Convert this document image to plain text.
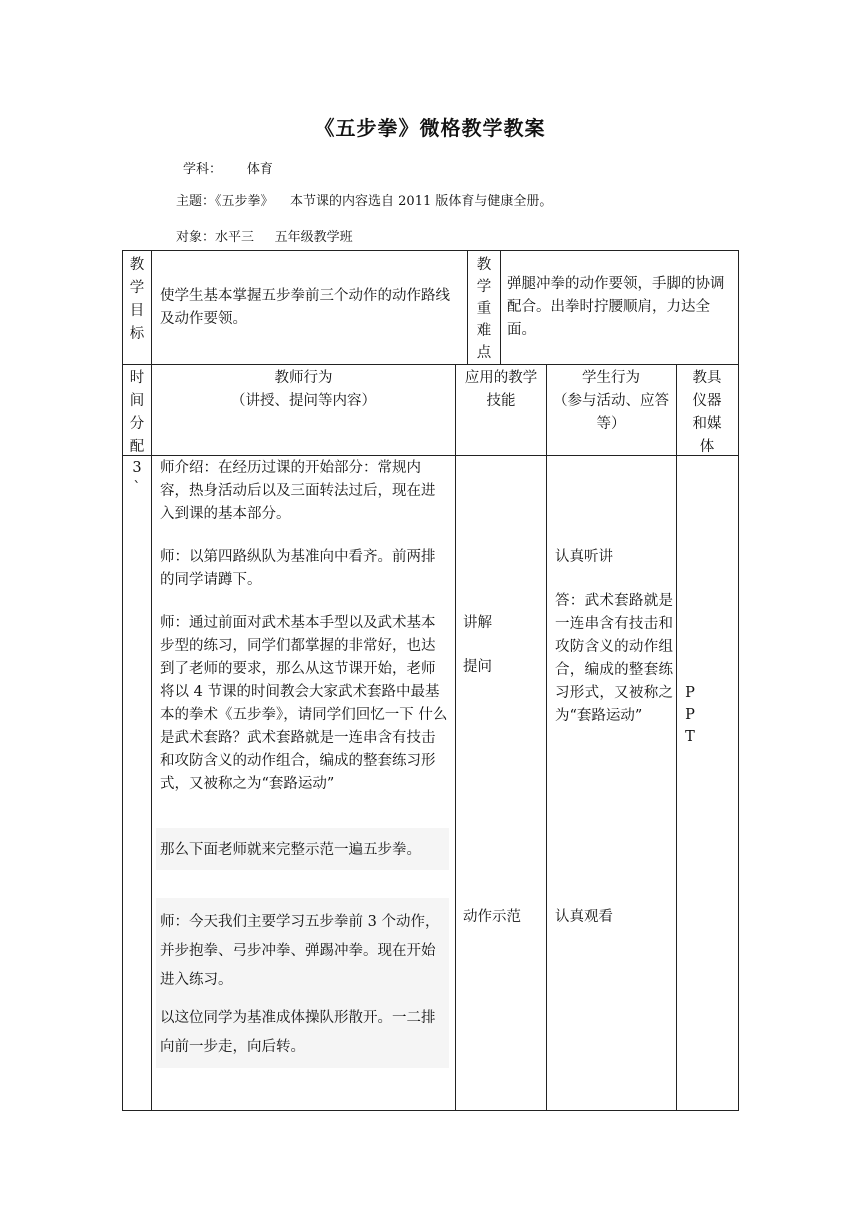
《五步拳》微格教学教案
学科： 体育
主题：《五步拳》    本节课的内容选自 2011 版体育与健康全册。
对象：水平三     五年级教学班
教学目标
使学生基本掌握五步拳前三个动作的动作路线及动作要领。
教学重难点
弹腿冲拳的动作要领，手脚的协调配合。出拳时拧腰顺肩，力达全面。
时间分配
教师行为
（讲授、提问等内容）
应用的教学技能
学生行为
（参与活动、应答等）
教具仪器和媒体
3`
师介绍：在经历过课的开始部分：常规内容，热身活动后以及三面转法过后，现在进入到课的基本部分。
师：以第四路纵队为基准向中看齐。前两排的同学请蹲下。
师：通过前面对武术基本手型以及武术基本步型的练习，同学们都掌握的非常好，也达到了老师的要求，那么从这节课开始，老师将以 4 节课的时间教会大家武术套路中最基本的拳术《五步拳》，请同学们回忆一下 什么是武术套路？武术套路就是一连串含有技击和攻防含义的动作组合，编成的整套练习形式，又被称之为“套路运动”
那么下面老师就来完整示范一遍五步拳。
师：今天我们主要学习五步拳前 3 个动作，并步抱拳、弓步冲拳、弹踢冲拳。现在开始进入练习。
以这位同学为基准成体操队形散开。一二排向前一步走，向后转。
讲解
提问
动作示范
认真听讲
答：武术套路就是一连串含有技击和攻防含义的动作组合，编成的整套练习形式，又被称之为“套路运动”
认真观看
PPT
